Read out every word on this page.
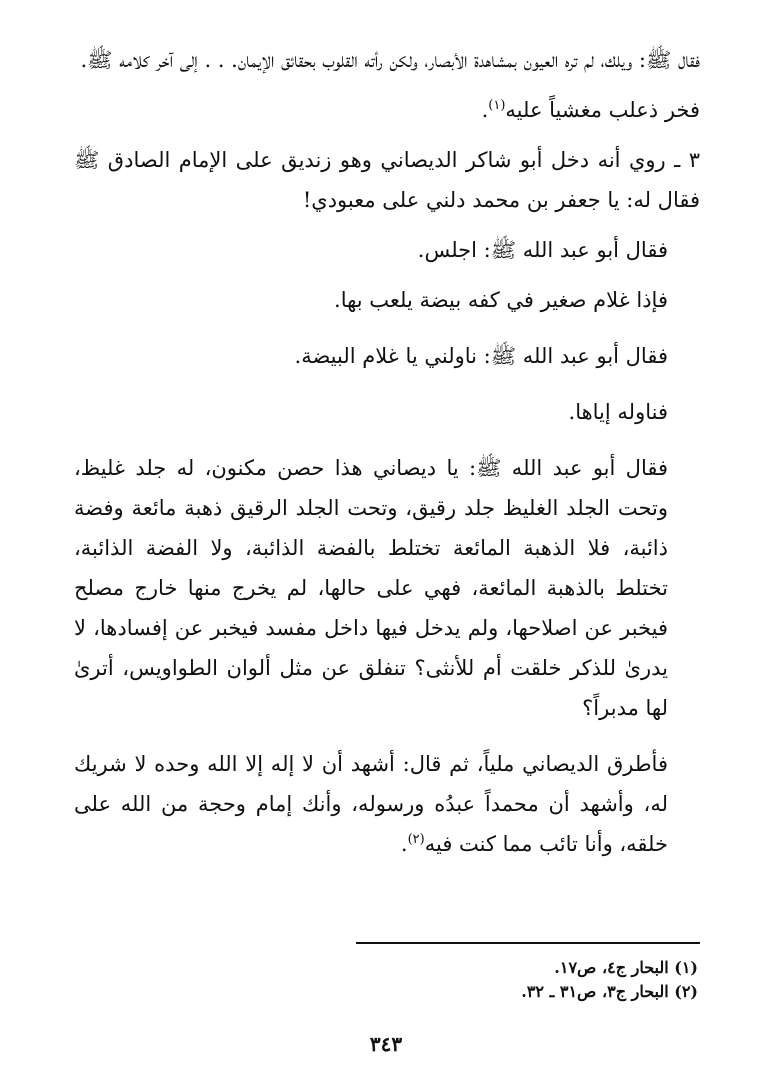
فقال ﷺ: ويلك، لم تره العيون بمشاهدة الأبصار، ولكن رأته القلوب بحقائق الإيمان. . . إلى آخر كلامه ﷺ.

فخر ذعلب مغشياً عليه$^{(١)}$.

٣ ـ روي أنه دخل أبو شاكر الديصاني وهو زنديق على الإمام الصادق ﷺ فقال له: يا جعفر بن محمد دلني على معبودي!

فقال أبو عبد الله ﷺ: اجلس.

فإذا غلام صغير في كفه بيضة يلعب بها.

فقال أبو عبد الله ﷺ: ناولني يا غلام البيضة.

فناوله إياها.

فقال أبو عبد الله ﷺ: يا ديصاني هذا حصن مكنون، له جلد غليظ، وتحت الجلد الغليظ جلد رقيق، وتحت الجلد الرقيق ذهبة مائعة وفضة ذائبة، فلا الذهبة المائعة تختلط بالفضة الذائبة، ولا الفضة الذائبة، تختلط بالذهبة المائعة، فهي على حالها، لم يخرج منها خارج مصلح فيخبر عن اصلاحها، ولم يدخل فيها داخل مفسد فيخبر عن إفسادها، لا يدرىٰ للذكر خلقت أم للأنثى؟ تنفلق عن مثل ألوان الطواويس، أترىٰ لها مدبراً؟

فأطرق الديصاني ملياً، ثم قال: أشهد أن لا إله إلا الله وحده لا شريك له، وأشهد أن محمداً عبدُه ورسوله، وأنك إمام وحجة من الله على خلقه، وأنا تائب مما كنت فيه$^{(٢)}$.

(١) البحار ج٤، ص١٧.
(٢) البحار ج٣، ص٣١ ـ ٣٢.
٣٤٣
